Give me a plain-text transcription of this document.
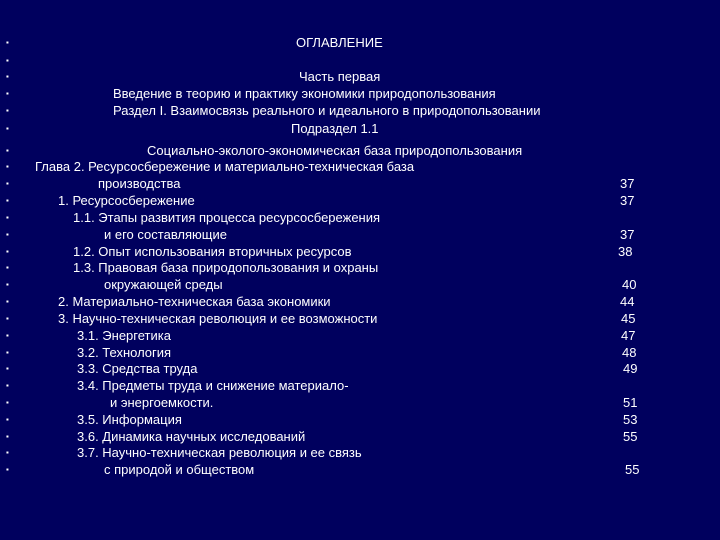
▪	ОГЛАВЛЕНИЕ
▪
▪	Часть первая
▪	Введение в теорию и практику экономики природопользования
▪	Раздел I. Взаимосвязь реального и идеального в природопользовании
▪	Подраздел 1.1
▪	Социально-эколого-экономическая база природопользования
▪ Глава 2. Ресурсосбережение и материально-техническая база
▪	производства	37
▪	1. Ресурсосбережение	37
▪	1.1. Этапы развития процесса ресурсосбережения
▪	и его составляющие	37
▪	1.2. Опыт использования вторичных ресурсов	38
▪	1.3. Правовая база природопользования и охраны
▪	окружающей среды	40
▪	2. Материально-техническая база экономики	44
▪	3. Научно-техническая революция и ее возможности	45
▪	3.1. Энергетика	47
▪	3.2. Технология	48
▪	3.3. Средства труда	49
▪	3.4. Предметы труда и снижение материало-
▪	и энергоемкости.	51
▪	3.5. Информация	53
▪	3.6. Динамика научных исследований	55
▪	3.7. Научно-техническая революция и ее связь
▪	с природой и обществом	55
